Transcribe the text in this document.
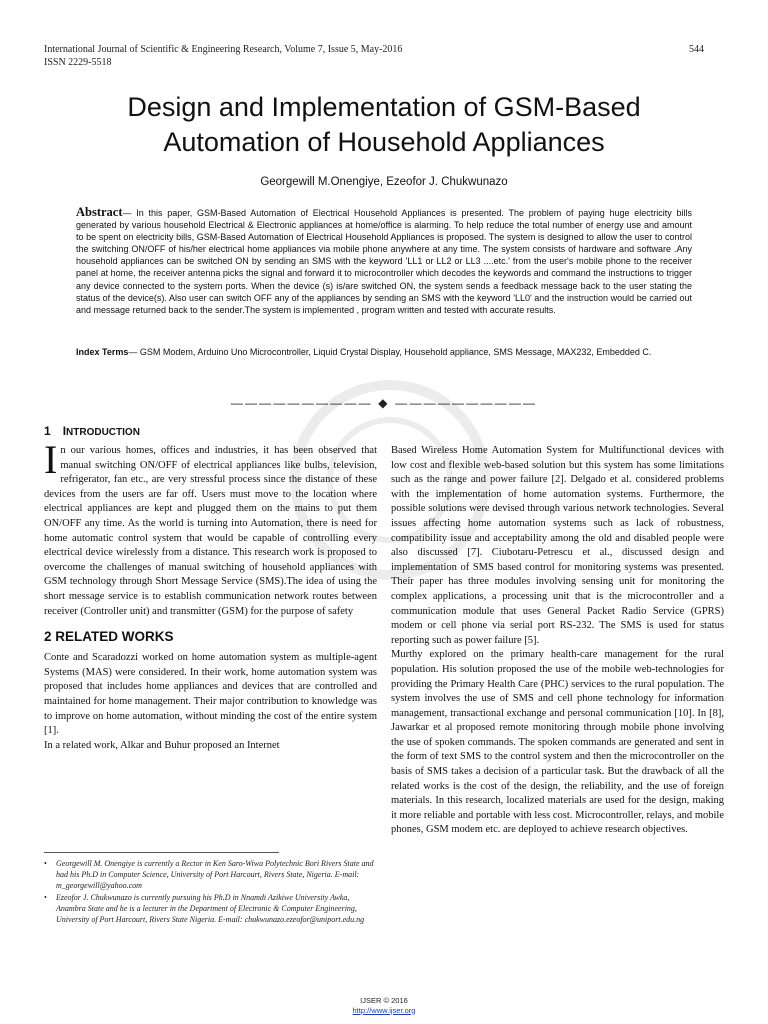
International Journal of Scientific & Engineering Research, Volume 7, Issue 5, May-2016
ISSN 2229-5518
544
Design and Implementation of GSM-Based
Automation of Household Appliances
Georgewill M.Onengiye, Ezeofor J. Chukwunazo
Abstract— In this paper, GSM-Based Automation of Electrical Household Appliances is presented. The problem of paying huge electricity bills generated by various household Electrical & Electronic appliances at home/office is alarming. To help reduce the total number of energy use and amount to be spent on electricity bills, GSM-Based Automation of Electrical Household Appliances is proposed. The system is designed to allow the user to control the switching ON/OFF of his/her electrical home appliances via mobile phone anywhere at any time. The system consists of hardware and software .Any household appliances can be switched ON by sending an SMS with the keyword 'LL1 or LL2 or LL3 ....etc.' from the user's mobile phone to the receiver panel at home, the receiver antenna picks the signal and forward it to microcontroller which decodes the keywords and command the instructions to trigger any device connected to the system ports. When the device (s) is/are switched ON, the system sends a feedback message back to the user stating the status of the device(s). Also user can switch OFF any of the appliances by sending an SMS with the keyword 'LL0' and the instruction would be carried out and message returned back to the sender.The system is implemented , program written and tested with accurate results.
Index Terms— GSM Modem, Arduino Uno Microcontroller, Liquid Crystal Display, Household appliance, SMS Message, MAX232, Embedded C.
—————————— ◆ ——————————
1 INTRODUCTION

In our various homes, offices and industries, it has been observed that manual switching ON/OFF of electrical appliances like bulbs, television, refrigerator, fan etc., are very stressful process since the distance of these devices from the users are far off. Users must move to the location where electrical appliances are kept and plugged them on the mains to put them ON/OFF any time. As the world is turning into Automation, there is need for home automatic control system that would be capable of controlling every electrical device wirelessly from a distance. This research work is proposed to overcome the challenges of manual switching of household appliances with GSM technology through Short Message Service (SMS).The idea of using the short message service is to establish communication network routes between receiver (Controller unit) and transmitter (GSM) for the purpose of safety

2 RELATED WORKS

Conte and Scaradozzi worked on home automation system as multiple-agent Systems (MAS) were considered. In their work, home automation system was proposed that includes home appliances and devices that are controlled and maintained for home management. Their major contribution to knowledge was to improve on home automation, without minding the cost of the entire system [1].

In a related work, Alkar and Buhur proposed an Internet

Based Wireless Home Automation System for Multifunctional devices with low cost and flexible web-based solution but this system has some limitations such as the range and power failure [2]. Delgado et al. considered problems with the implementation of home automation systems. Furthermore, the possible solutions were devised through various network technologies. Several issues affecting home automation systems such as lack of robustness, compatibility issue and acceptability among the old and disabled people were also discussed [7]. Ciubotaru-Petrescu et al., discussed design and implementation of SMS based control for monitoring systems was presented. Their paper has three modules involving sensing unit for monitoring the complex applications, a processing unit that is the microcontroller and a communication module that uses General Packet Radio Service (GPRS) modem or cell phone via serial port RS-232. The SMS is used for status reporting such as power failure [5].

Murthy explored on the primary health-care management for the rural population. His solution proposed the use of the mobile web-technologies for providing the Primary Health Care (PHC) services to the rural population. The system involves the use of SMS and cell phone technology for information management, transactional exchange and personal communication [10]. In [8], Jawarkar et al proposed remote monitoring through mobile phone involving the use of spoken commands. The spoken commands are generated and sent in the form of text SMS to the control system and then the microcontroller on the basis of SMS takes a decision of a particular task. But the drawback of all the related works is the cost of the design, the reliability, and the use of foreign materials. In this research, localized materials are used for the design, making it more reliable and portable with less cost. Microcontroller, relays, and mobile phones, GSM modem etc. are deployed to achieve research objectives.

• Georgewill M. Onengiye is currently a Rector in Ken Saro-Wiwa Polytechnic Bori Rivers State and had his Ph.D in Computer Science, University of Port Harcourt, Rivers State, Nigeria. E-mail: m_georgewill@yahoo.com

• Ezeofor J. Chukwunazo is currently pursuing his Ph.D in Nnamdi Azikiwe University Awka, Anambra State and he is a lecturer in the Department of Electronic & Computer Engineering, University of Port Harcourt, Rivers State Nigeria. E-mail: chukwunazo.ezeofor@uniport.edu.ng

IJSER © 2016
http://www.ijser.org
